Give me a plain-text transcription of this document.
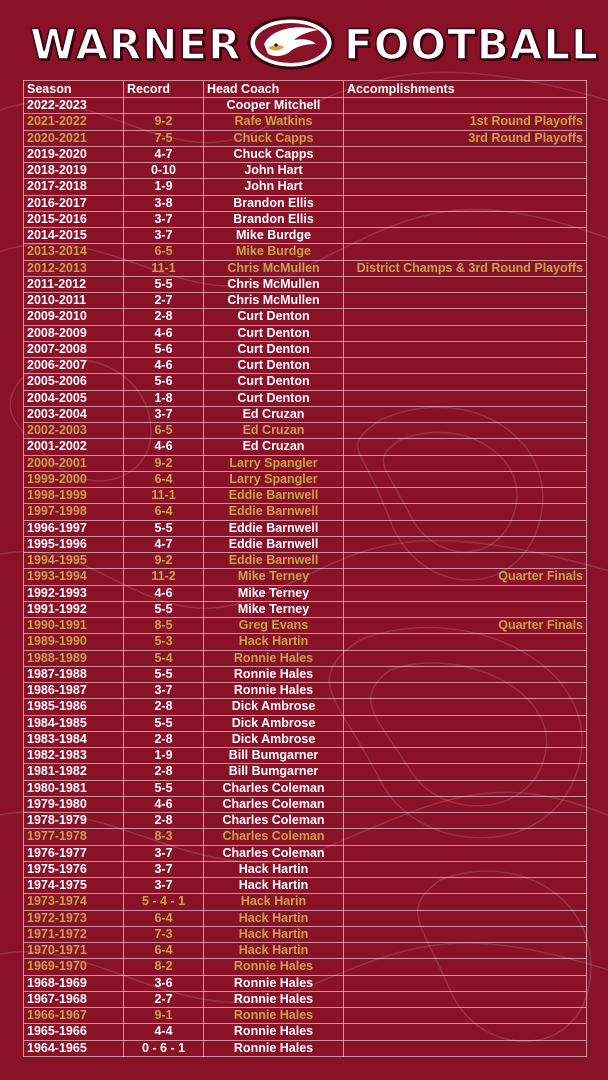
WARNER FOOTBALL
Season	Record	Head Coach	Accomplishments
2022-2023		Cooper Mitchell	
2021-2022	9-2	Rafe Watkins	1st Round Playoffs
2020-2021	7-5	Chuck Capps	3rd Round Playoffs
2019-2020	4-7	Chuck Capps	
2018-2019	0-10	John Hart	
2017-2018	1-9	John Hart	
2016-2017	3-8	Brandon Ellis	
2015-2016	3-7	Brandon Ellis	
2014-2015	3-7	Mike Burdge	
2013-2014	6-5	Mike Burdge	
2012-2013	11-1	Chris McMullen	District Champs & 3rd Round Playoffs
2011-2012	5-5	Chris McMullen	
2010-2011	2-7	Chris McMullen	
2009-2010	2-8	Curt Denton	
2008-2009	4-6	Curt Denton	
2007-2008	5-6	Curt Denton	
2006-2007	4-6	Curt Denton	
2005-2006	5-6	Curt Denton	
2004-2005	1-8	Curt Denton	
2003-2004	3-7	Ed Cruzan	
2002-2003	6-5	Ed Cruzan	
2001-2002	4-6	Ed Cruzan	
2000-2001	9-2	Larry Spangler	
1999-2000	6-4	Larry Spangler	
1998-1999	11-1	Eddie Barnwell	
1997-1998	6-4	Eddie Barnwell	
1996-1997	5-5	Eddie Barnwell	
1995-1996	4-7	Eddie Barnwell	
1994-1995	9-2	Eddie Barnwell	
1993-1994	11-2	Mike Terney	Quarter Finals
1992-1993	4-6	Mike Terney	
1991-1992	5-5	Mike Terney	
1990-1991	8-5	Greg Evans	Quarter Finals
1989-1990	5-3	Hack Hartin	
1988-1989	5-4	Ronnie Hales	
1987-1988	5-5	Ronnie Hales	
1986-1987	3-7	Ronnie Hales	
1985-1986	2-8	Dick Ambrose	
1984-1985	5-5	Dick Ambrose	
1983-1984	2-8	Dick Ambrose	
1982-1983	1-9	Bill Bumgarner	
1981-1982	2-8	Bill Bumgarner	
1980-1981	5-5	Charles Coleman	
1979-1980	4-6	Charles Coleman	
1978-1979	2-8	Charles Coleman	
1977-1978	8-3	Charles Coleman	
1976-1977	3-7	Charles Coleman	
1975-1976	3-7	Hack Hartin	
1974-1975	3-7	Hack Hartin	
1973-1974	5 - 4 - 1	Hack Harin	
1972-1973	6-4	Hack Hartin	
1971-1972	7-3	Hack Hartin	
1970-1971	6-4	Hack Hartin	
1969-1970	8-2	Ronnie Hales	
1968-1969	3-6	Ronnie Hales	
1967-1968	2-7	Ronnie Hales	
1966-1967	9-1	Ronnie Hales	
1965-1966	4-4	Ronnie Hales	
1964-1965	0 - 6 - 1	Ronnie Hales	
